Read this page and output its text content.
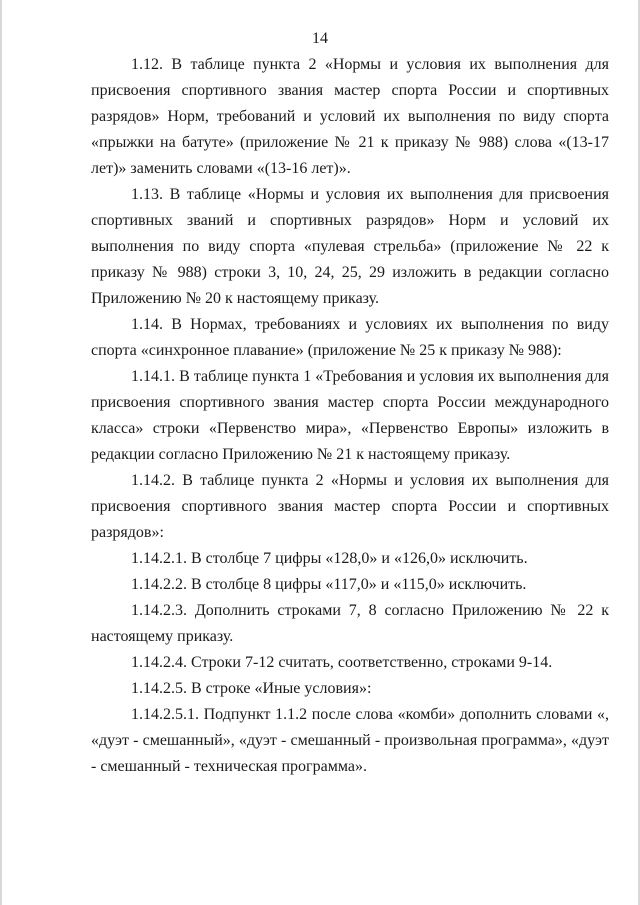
14

1.12. В таблице пункта 2 «Нормы и условия их выполнения для присвоения спортивного звания мастер спорта России и спортивных разрядов» Норм, требований и условий их выполнения по виду спорта «прыжки на батуте» (приложение № 21 к приказу № 988) слова «(13-17 лет)» заменить словами «(13-16 лет)».

1.13. В таблице «Нормы и условия их выполнения для присвоения спортивных званий и спортивных разрядов» Норм и условий их выполнения по виду спорта «пулевая стрельба» (приложение № 22 к приказу № 988) строки 3, 10, 24, 25, 29 изложить в редакции согласно Приложению № 20 к настоящему приказу.

1.14. В Нормах, требованиях и условиях их выполнения по виду спорта «синхронное плавание» (приложение № 25 к приказу № 988):

1.14.1. В таблице пункта 1 «Требования и условия их выполнения для присвоения спортивного звания мастер спорта России международного класса» строки «Первенство мира», «Первенство Европы» изложить в редакции согласно Приложению № 21 к настоящему приказу.

1.14.2. В таблице пункта 2 «Нормы и условия их выполнения для присвоения спортивного звания мастер спорта России и спортивных разрядов»:

1.14.2.1. В столбце 7 цифры «128,0» и «126,0» исключить.

1.14.2.2. В столбце 8 цифры «117,0» и «115,0» исключить.

1.14.2.3. Дополнить строками 7, 8 согласно Приложению № 22 к настоящему приказу.

1.14.2.4. Строки 7-12 считать, соответственно, строками 9-14.

1.14.2.5. В строке «Иные условия»:

1.14.2.5.1. Подпункт 1.1.2 после слова «комби» дополнить словами «, «дуэт - смешанный», «дуэт - смешанный - произвольная программа», «дуэт - смешанный - техническая программа».
